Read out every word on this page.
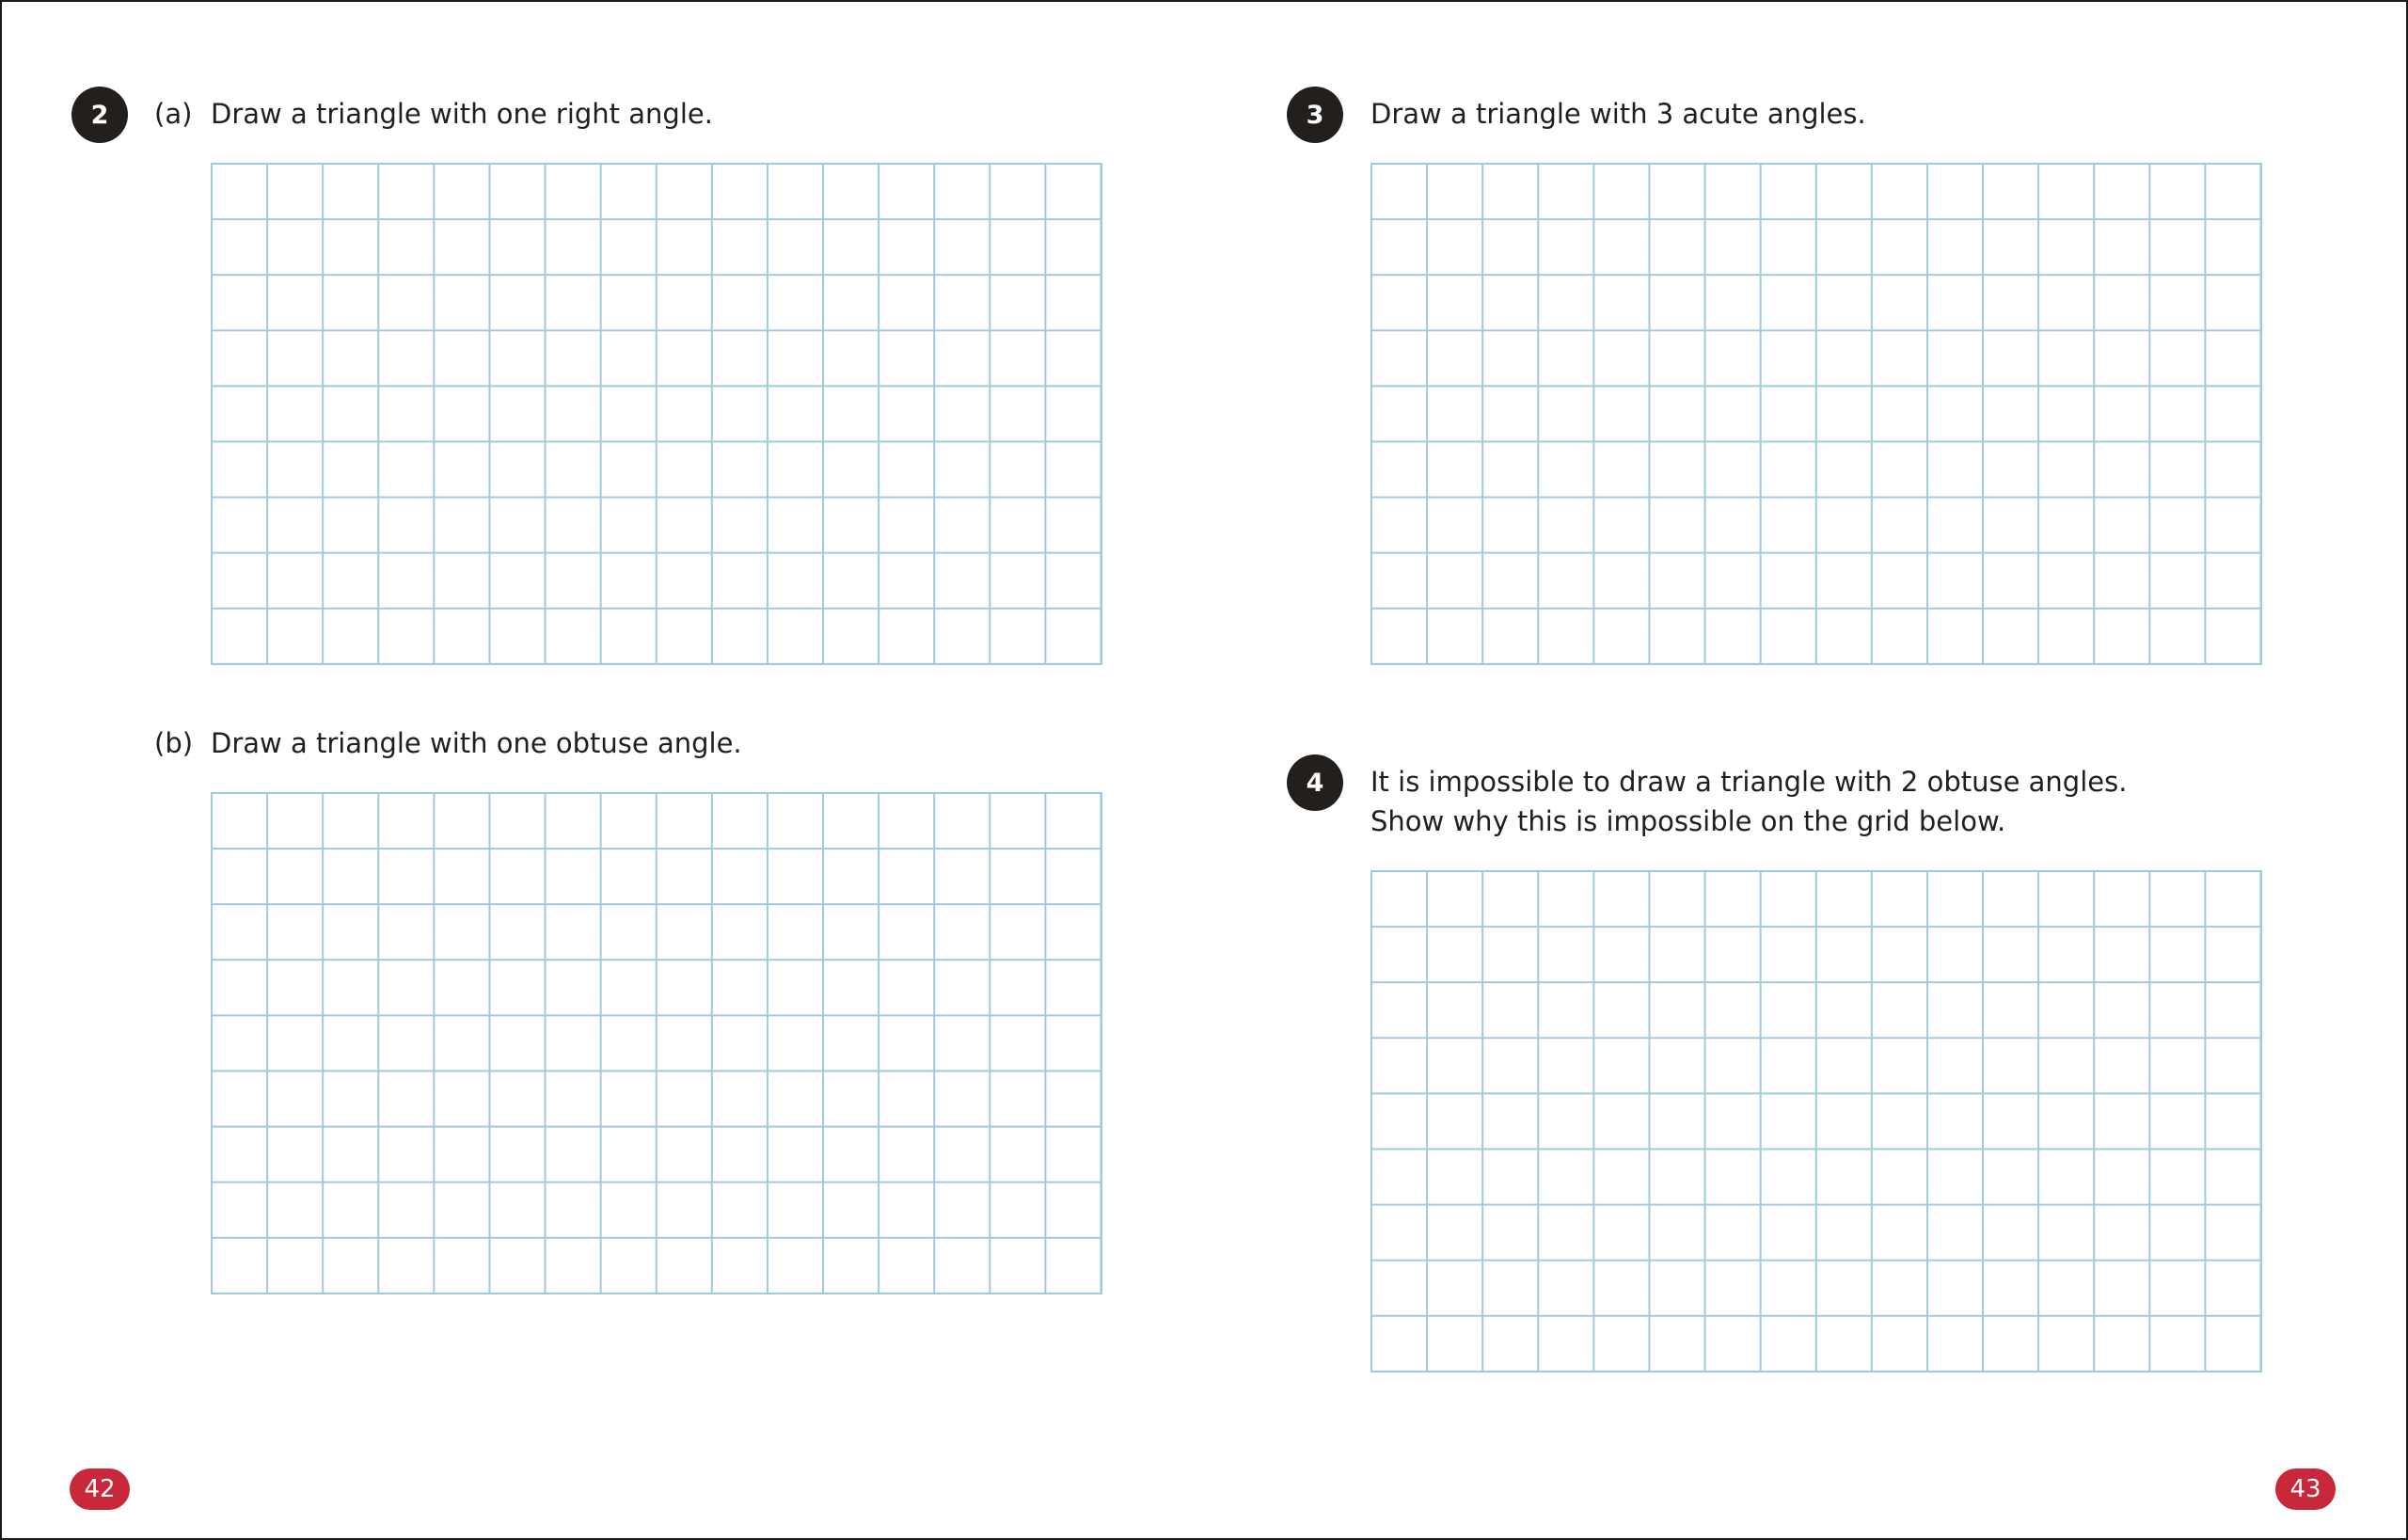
2 (a) Draw a triangle with one right angle.
(b) Draw a triangle with one obtuse angle.
3 Draw a triangle with 3 acute angles.
4 It is impossible to draw a triangle with 2 obtuse angles.
Show why this is impossible on the grid below.
42	43
